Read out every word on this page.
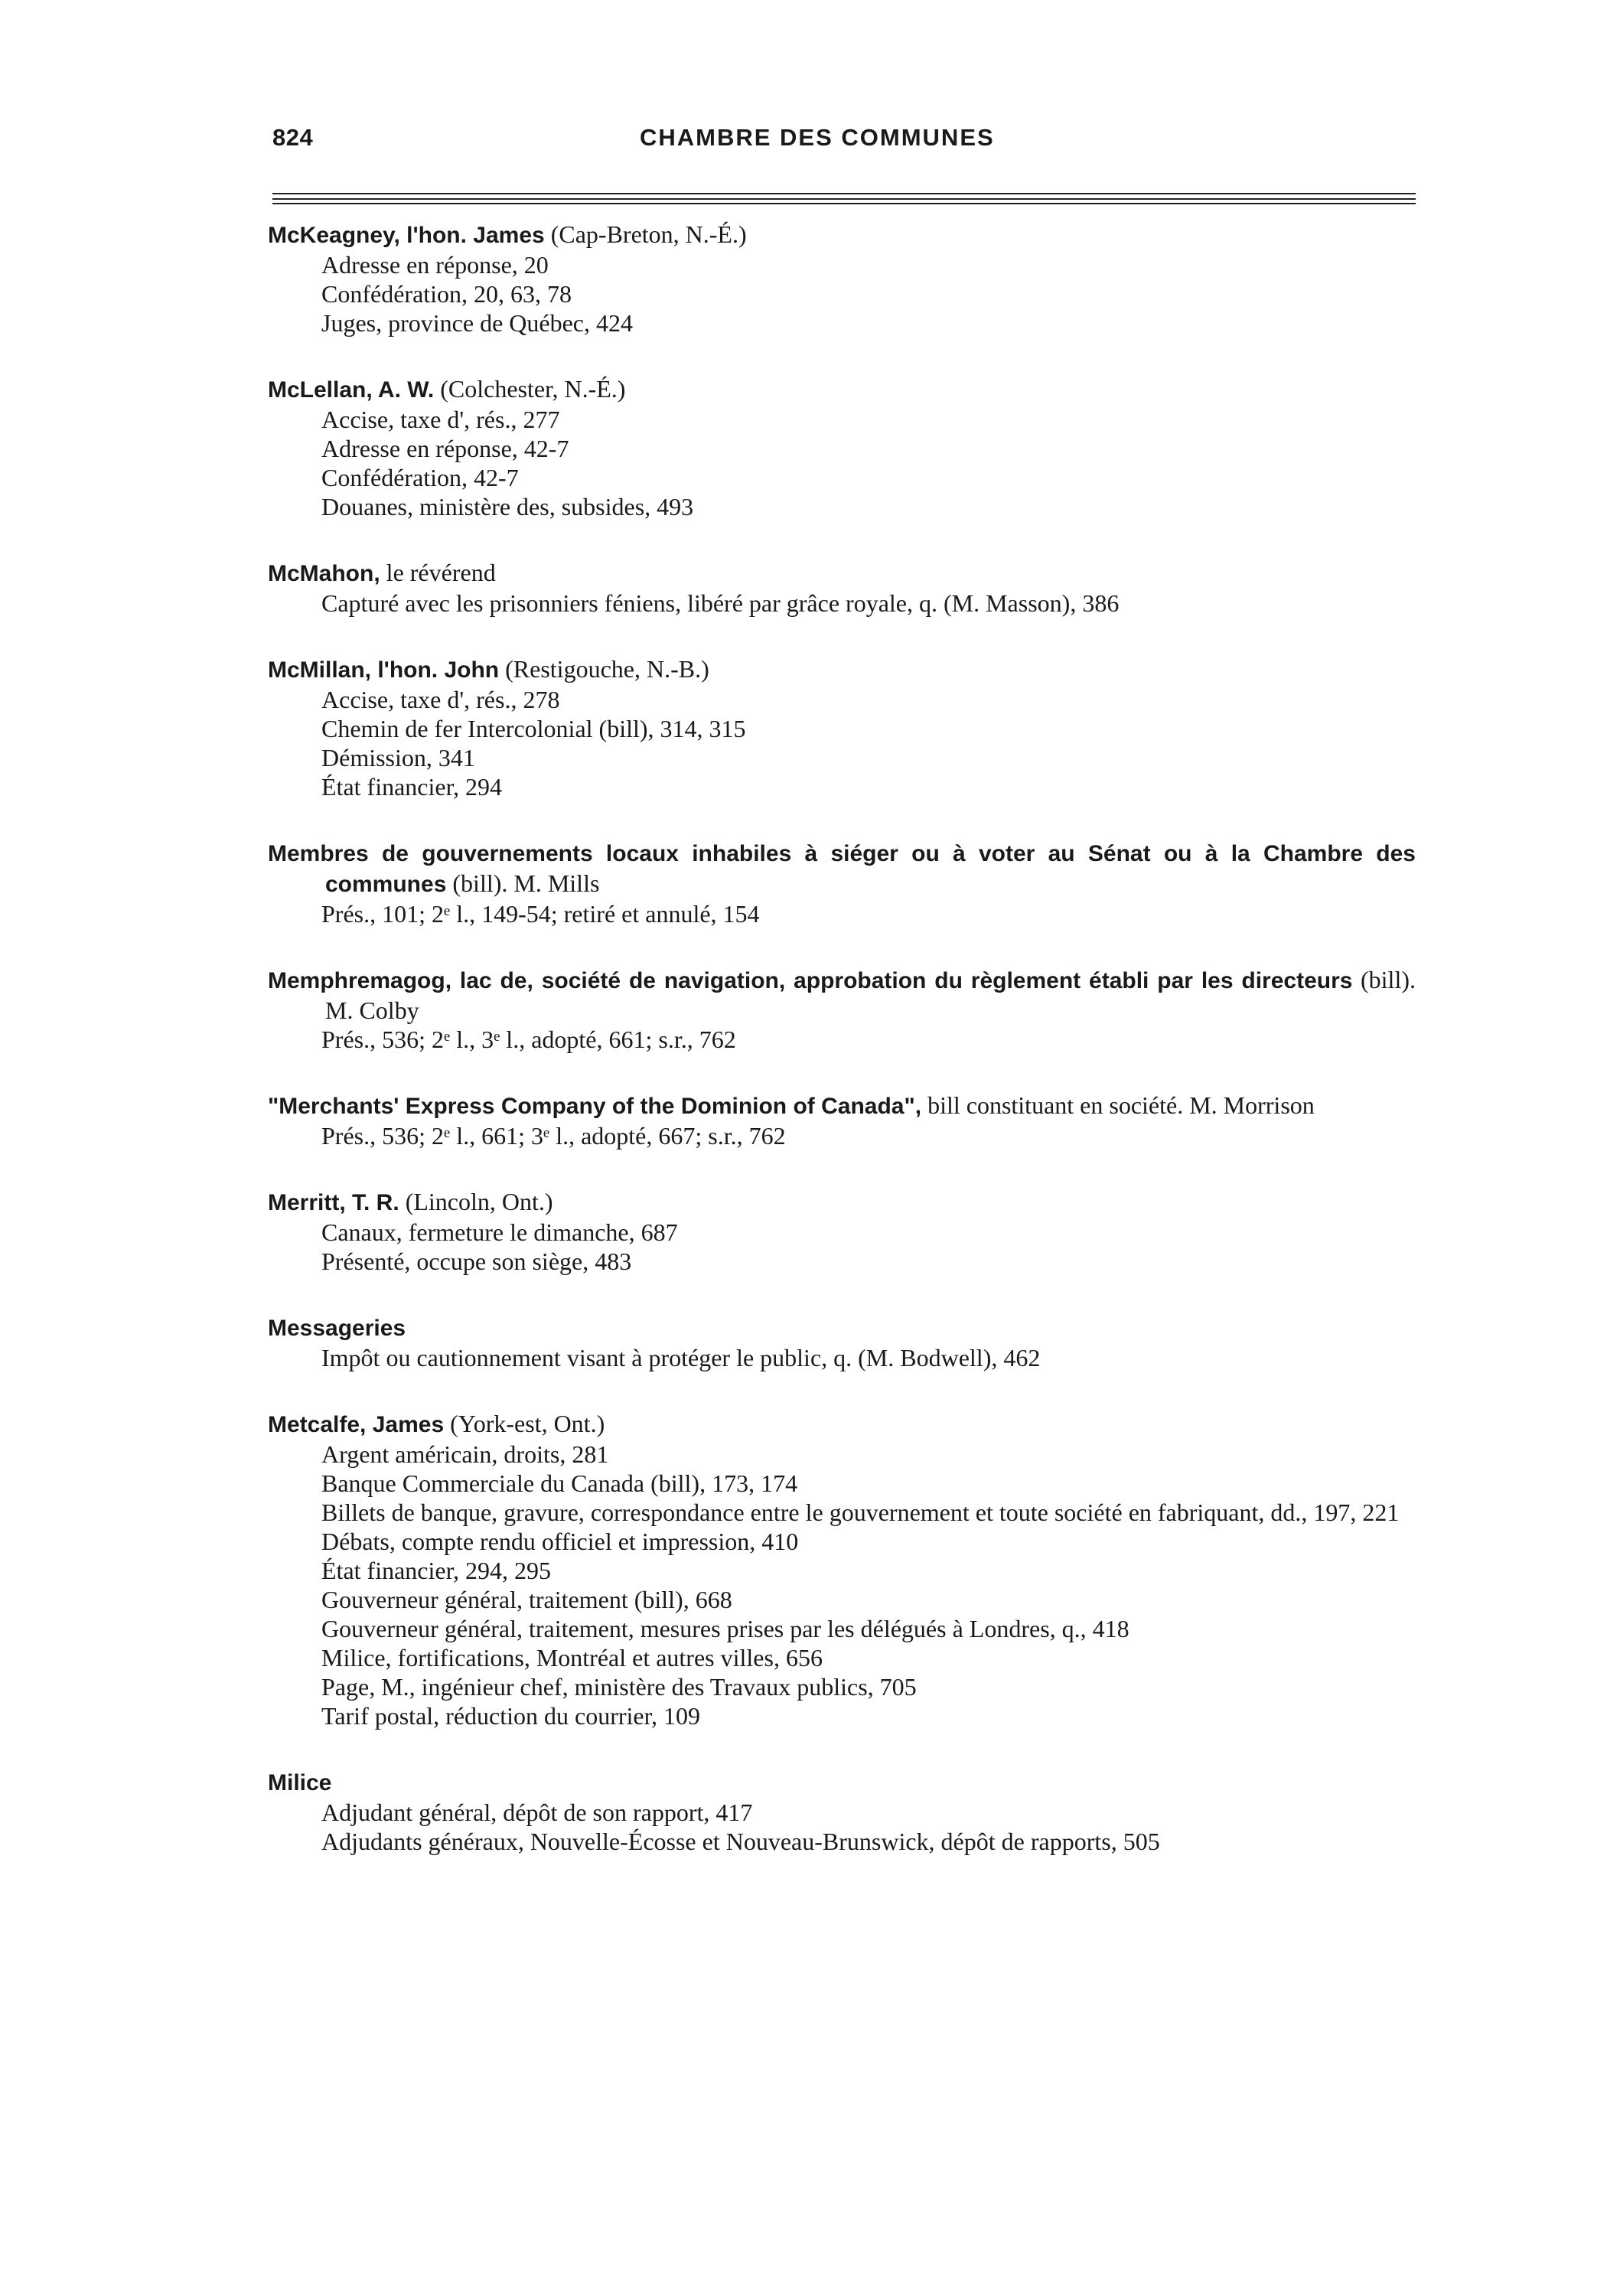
824	CHAMBRE DES COMMUNES
McKeagney, l'hon. James (Cap-Breton, N.-É.)
Adresse en réponse, 20
Confédération, 20, 63, 78
Juges, province de Québec, 424
McLellan, A. W. (Colchester, N.-É.)
Accise, taxe d', rés., 277
Adresse en réponse, 42-7
Confédération, 42-7
Douanes, ministère des, subsides, 493
McMahon, le révérend
Capturé avec les prisonniers féniens, libéré par grâce royale, q. (M. Masson), 386
McMillan, l'hon. John (Restigouche, N.-B.)
Accise, taxe d', rés., 278
Chemin de fer Intercolonial (bill), 314, 315
Démission, 341
État financier, 294
Membres de gouvernements locaux inhabiles à siéger ou à voter au Sénat ou à la Chambre des communes (bill). M. Mills
Prés., 101; 2ᵉ l., 149-54; retiré et annulé, 154
Memphremagog, lac de, société de navigation, approbation du règlement établi par les directeurs (bill). M. Colby
Prés., 536; 2ᵉ l., 3ᵉ l., adopté, 661; s.r., 762
"Merchants' Express Company of the Dominion of Canada", bill constituant en société. M. Morrison
Prés., 536; 2ᵉ l., 661; 3ᵉ l., adopté, 667; s.r., 762
Merritt, T. R. (Lincoln, Ont.)
Canaux, fermeture le dimanche, 687
Présenté, occupe son siège, 483
Messageries
Impôt ou cautionnement visant à protéger le public, q. (M. Bodwell), 462
Metcalfe, James (York-est, Ont.)
Argent américain, droits, 281
Banque Commerciale du Canada (bill), 173, 174
Billets de banque, gravure, correspondance entre le gouvernement et toute société en fabriquant, dd., 197, 221
Débats, compte rendu officiel et impression, 410
État financier, 294, 295
Gouverneur général, traitement (bill), 668
Gouverneur général, traitement, mesures prises par les délégués à Londres, q., 418
Milice, fortifications, Montréal et autres villes, 656
Page, M., ingénieur chef, ministère des Travaux publics, 705
Tarif postal, réduction du courrier, 109
Milice
Adjudant général, dépôt de son rapport, 417
Adjudants généraux, Nouvelle-Écosse et Nouveau-Brunswick, dépôt de rapports, 505
